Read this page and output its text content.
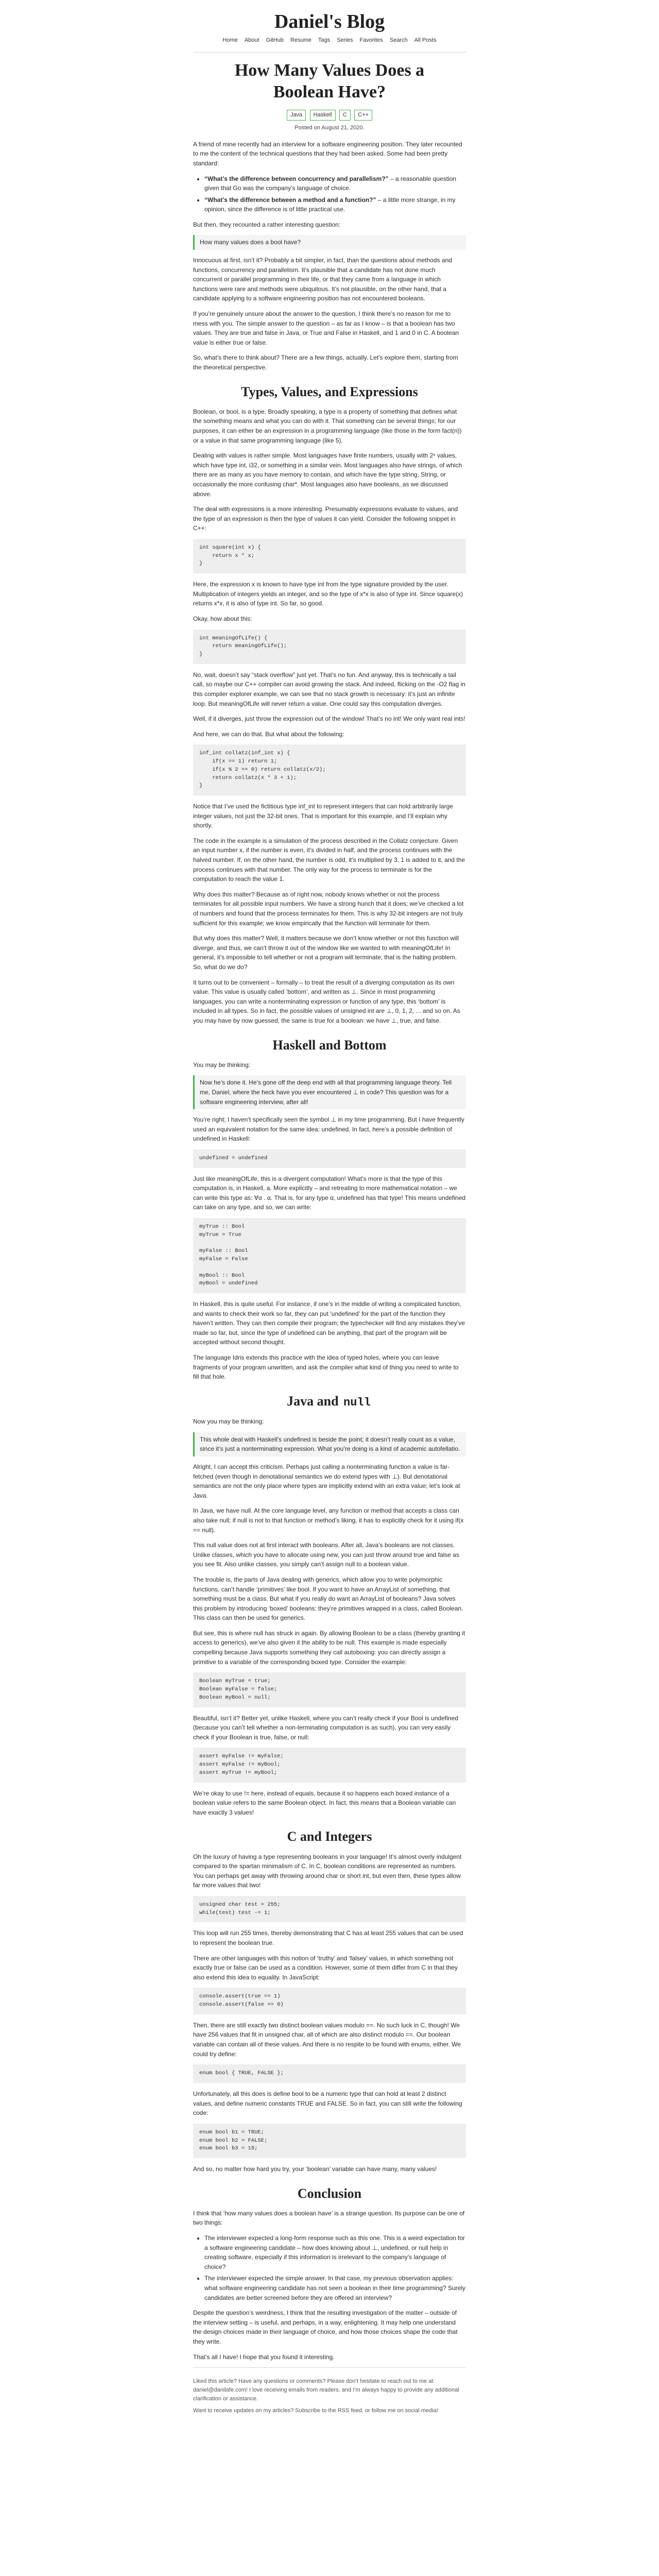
Daniel's Blog
Home About GitHub Resume Tags Series Favorites Search All Posts
How Many Values Does a Boolean Have?
Java Haskell C C++
Posted on August 21, 2020.

A friend of mine recently had an interview for a software engineering position. They later recounted to me the content of the technical questions that they had been asked. Some had been pretty standard:

• “What’s the difference between concurrency and parallelism?” – a reasonable question given that Go was the company’s language of choice.
• “What’s the difference between a method and a function?” – a little more strange, in my opinion, since the difference is of little practical use.

But then, they recounted a rather interesting question:

How many values does a bool have?

Innocuous at first, isn’t it? Probably a bit simpler, in fact, than the questions about methods and functions, concurrency and parallelism. It’s plausible that a candidate has not done much concurrent or parallel programming in their life, or that they came from a language in which functions were rare and methods were ubiquitous. It’s not plausible, on the other hand, that a candidate applying to a software engineering position has not encountered booleans.

If you’re genuinely unsure about the answer to the question, I think there’s no reason for me to mess with you. The simple answer to the question – as far as I know – is that a boolean has two values. They are true and false in Java, or True and False in Haskell, and 1 and 0 in C. A boolean value is either true or false.

So, what’s there to think about? There are a few things, actually. Let’s explore them, starting from the theoretical perspective.

Types, Values, and Expressions

Boolean, or bool, is a type. Broadly speaking, a type is a property of something that defines what the something means and what you can do with it. That something can be several things; for our purposes, it can either be an expression in a programming language (like those in the form fact(n)) or a value in that same programming language (like 5).

Dealing with values is rather simple. Most languages have finite numbers, usually with 2ⁿ values, which have type int, i32, or something in a similar vein. Most languages also have strings, of which there are as many as you have memory to contain, and which have the type string, String, or occasionally the more confusing char*. Most languages also have booleans, as we discussed above.

The deal with expressions is a more interesting. Presumably expressions evaluate to values, and the type of an expression is then the type of values it can yield. Consider the following snippet in C++:

int square(int x) {
return x * x;
}

Here, the expression x is known to have type int from the type signature provided by the user. Multiplication of integers yields an integer, and so the type of x*x is also of type int. Since square(x) returns x*x, it is also of type int. So far, so good.

Okay, how about this:

int meaningOfLife() {
return meaningOfLife();
}

No, wait, doesn’t say “stack overflow” just yet. That’s no fun. And anyway, this is technically a tail call, so maybe our C++ compiler can avoid growing the stack. And indeed, flicking on the -O2 flag in this compiler explorer example, we can see that no stack growth is necessary: it’s just an infinite loop. But meaningOfLife will never return a value. One could say this computation diverges.

Well, if it diverges, just throw the expression out of the window! That’s no int! We only want real ints!

And here, we can do that. But what about the following:

inf_int collatz(inf_int x) {
if(x == 1) return 1;
if(x % 2 == 0) return collatz(x/2);
return collatz(x * 3 + 1);
}

Notice that I’ve used the fictitious type inf_int to represent integers that can hold arbitrarily large integer values, not just the 32-bit ones. That is important for this example, and I’ll explain why shortly.

The code in the example is a simulation of the process described in the Collatz conjecture. Given an input number x, if the number is even, it’s divided in half, and the process continues with the halved number. If, on the other hand, the number is odd, it’s multiplied by 3, 1 is added to it, and the process continues with that number. The only way for the process to terminate is for the computation to reach the value 1.

Why does this matter? Because as of right now, nobody knows whether or not the process terminates for all possible input numbers. We have a strong hunch that it does; we’ve checked a lot of numbers and found that the process terminates for them. This is why 32-bit integers are not truly sufficient for this example; we know empirically that the function will terminate for them.

But why does this matter? Well, it matters because we don’t know whether or not this function will diverge, and thus, we can’t throw it out of the window like we wanted to with meaningOfLife! In general, it’s impossible to tell whether or not a program will terminate; that is the halting problem. So, what do we do?

It turns out to be convenient – formally – to treat the result of a diverging computation as its own value. This value is usually called ‘bottom’, and written as ⊥. Since in most programming languages, you can write a nonterminating expression or function of any type, this ‘bottom’ is included in all types. So in fact, the possible values of unsigned int are ⊥, 0, 1, 2, ... and so on. As you may have by now guessed, the same is true for a boolean: we have ⊥, true, and false.

Haskell and Bottom

You may be thinking:

Now he’s done it. He’s gone off the deep end with all that programming language theory. Tell me, Daniel, where the heck have you ever encountered ⊥ in code? This question was for a software engineering interview, after all!

You’re right; I haven’t specifically seen the symbol ⊥ in my time programming. But I have frequently used an equivalent notation for the same idea: undefined. In fact, here’s a possible definition of undefined in Haskell:

undefined = undefined

Just like meaningOfLife, this is a divergent computation! What’s more is that the type of this computation is, in Haskell, a. More explicitly – and retreating to more mathematical notation – we can write this type as: ∀α . α. That is, for any type α, undefined has that type! This means undefined can take on any type, and so, we can write:

myTrue :: Bool
myTrue = True

myFalse :: Bool
myFalse = False

myBool :: Bool
myBool = undefined

In Haskell, this is quite useful. For instance, if one’s in the middle of writing a complicated function, and wants to check their work so far, they can put ‘undefined’ for the part of the function they haven’t written. They can then compile their program; the typechecker will find any mistakes they’ve made so far, but, since the type of undefined can be anything, that part of the program will be accepted without second thought.

The language Idris extends this practice with the idea of typed holes, where you can leave fragments of your program unwritten, and ask the compiler what kind of thing you need to write to fill that hole.

Java and null

Now you may be thinking:

This whole deal with Haskell’s undefined is beside the point; it doesn’t really count as a value, since it’s just a nonterminating expression. What you’re doing is a kind of academic autofellatio.

Alright, I can accept this criticism. Perhaps just calling a nonterminating function a value is far-fetched (even though in denotational semantics we do extend types with ⊥). But denotational semantics are not the only place where types are implicitly extend with an extra value; let’s look at Java.

In Java, we have null. At the core language level, any function or method that accepts a class can also take null; if null is not to that function or method’s liking, it has to explicitly check for it using if(x == null).

This null value does not at first interact with booleans. After all, Java’s booleans are not classes. Unlike classes, which you have to allocate using new, you can just throw around true and false as you see fit. Also unlike classes, you simply can’t assign null to a boolean value.

The trouble is, the parts of Java dealing with generics, which allow you to write polymorphic functions, can’t handle ‘primitives’ like bool. If you want to have an ArrayList of something, that something must be a class. But what if you really do want an ArrayList of booleans? Java solves this problem by introducing ‘boxed’ booleans: they’re primitives wrapped in a class, called Boolean. This class can then be used for generics.

But see, this is where null has struck in again. By allowing Boolean to be a class (thereby granting it access to generics), we’ve also given it the ability to be null. This example is made especially compelling because Java supports something they call autoboxing: you can directly assign a primitive to a variable of the corresponding boxed type. Consider the example:

Boolean myTrue = true;
Boolean myFalse = false;
Boolean myBool = null;

Beautiful, isn’t it? Better yet, unlike Haskell, where you can’t really check if your Bool is undefined (because you can’t tell whether a non-terminating computation is as such), you can very easily check if your Boolean is true, false, or null:

assert myFalse != myFalse;
assert myFalse != myBool;
assert myTrue != myBool;

We’re okay to use != here, instead of equals, because it so happens each boxed instance of a boolean value refers to the same Boolean object. In fact, this means that a Boolean variable can have exactly 3 values!

C and Integers

Oh the luxury of having a type representing booleans in your language! It’s almost overly indulgent compared to the spartan minimalism of C. In C, boolean conditions are represented as numbers. You can perhaps get away with throwing around char or short int, but even then, these types allow far more values that two!

unsigned char test = 255;
while(test) test -= 1;

This loop will run 255 times, thereby demonstrating that C has at least 255 values that can be used to represent the boolean true.

There are other languages with this notion of ‘truthy’ and ‘falsey’ values, in which something not exactly true or false can be used as a condition. However, some of them differ from C in that they also extend this idea to equality. In JavaScript:

console.assert(true == 1)
console.assert(false == 0)

Then, there are still exactly two distinct boolean values modulo ==. No such luck in C, though! We have 256 values that fit in unsigned char, all of which are also distinct modulo ==. Our boolean variable can contain all of these values. And there is no respite to be found with enums, either. We could try define:

enum bool { TRUE, FALSE };

Unfortunately, all this does is define bool to be a numeric type that can hold at least 2 distinct values, and define numeric constants TRUE and FALSE. So in fact, you can still write the following code:

enum bool b1 = TRUE;
enum bool b2 = FALSE;
enum bool b3 = 15;

And so, no matter how hard you try, your ‘boolean’ variable can have many, many values!

Conclusion

I think that ‘how many values does a boolean have’ is a strange question. Its purpose can be one of two things:

• The interviewer expected a long-form response such as this one. This is a weird expectation for a software engineering candidate – how does knowing about ⊥, undefined, or null help in creating software, especially if this information is irrelevant to the company’s language of choice?
• The interviewer expected the simple answer. In that case, my previous observation applies: what software engineering candidate has not seen a boolean in their time programming? Surely candidates are better screened before they are offered an interview?

Despite the question’s weirdness, I think that the resulting investigation of the matter – outside of the interview setting – is useful, and perhaps, in a way, enlightening. It may help one understand the design choices made in their language of choice, and how those choices shape the code that they write.

That’s all I have! I hope that you found it interesting.

Liked this article? Have any questions or comments? Please don’t hesitate to reach out to me at daniel@danilafe.com! I love receiving emails from readers, and I’m always happy to provide any additional clarification or assistance.

Want to receive updates on my articles? Subscribe to the RSS feed, or follow me on social media!
